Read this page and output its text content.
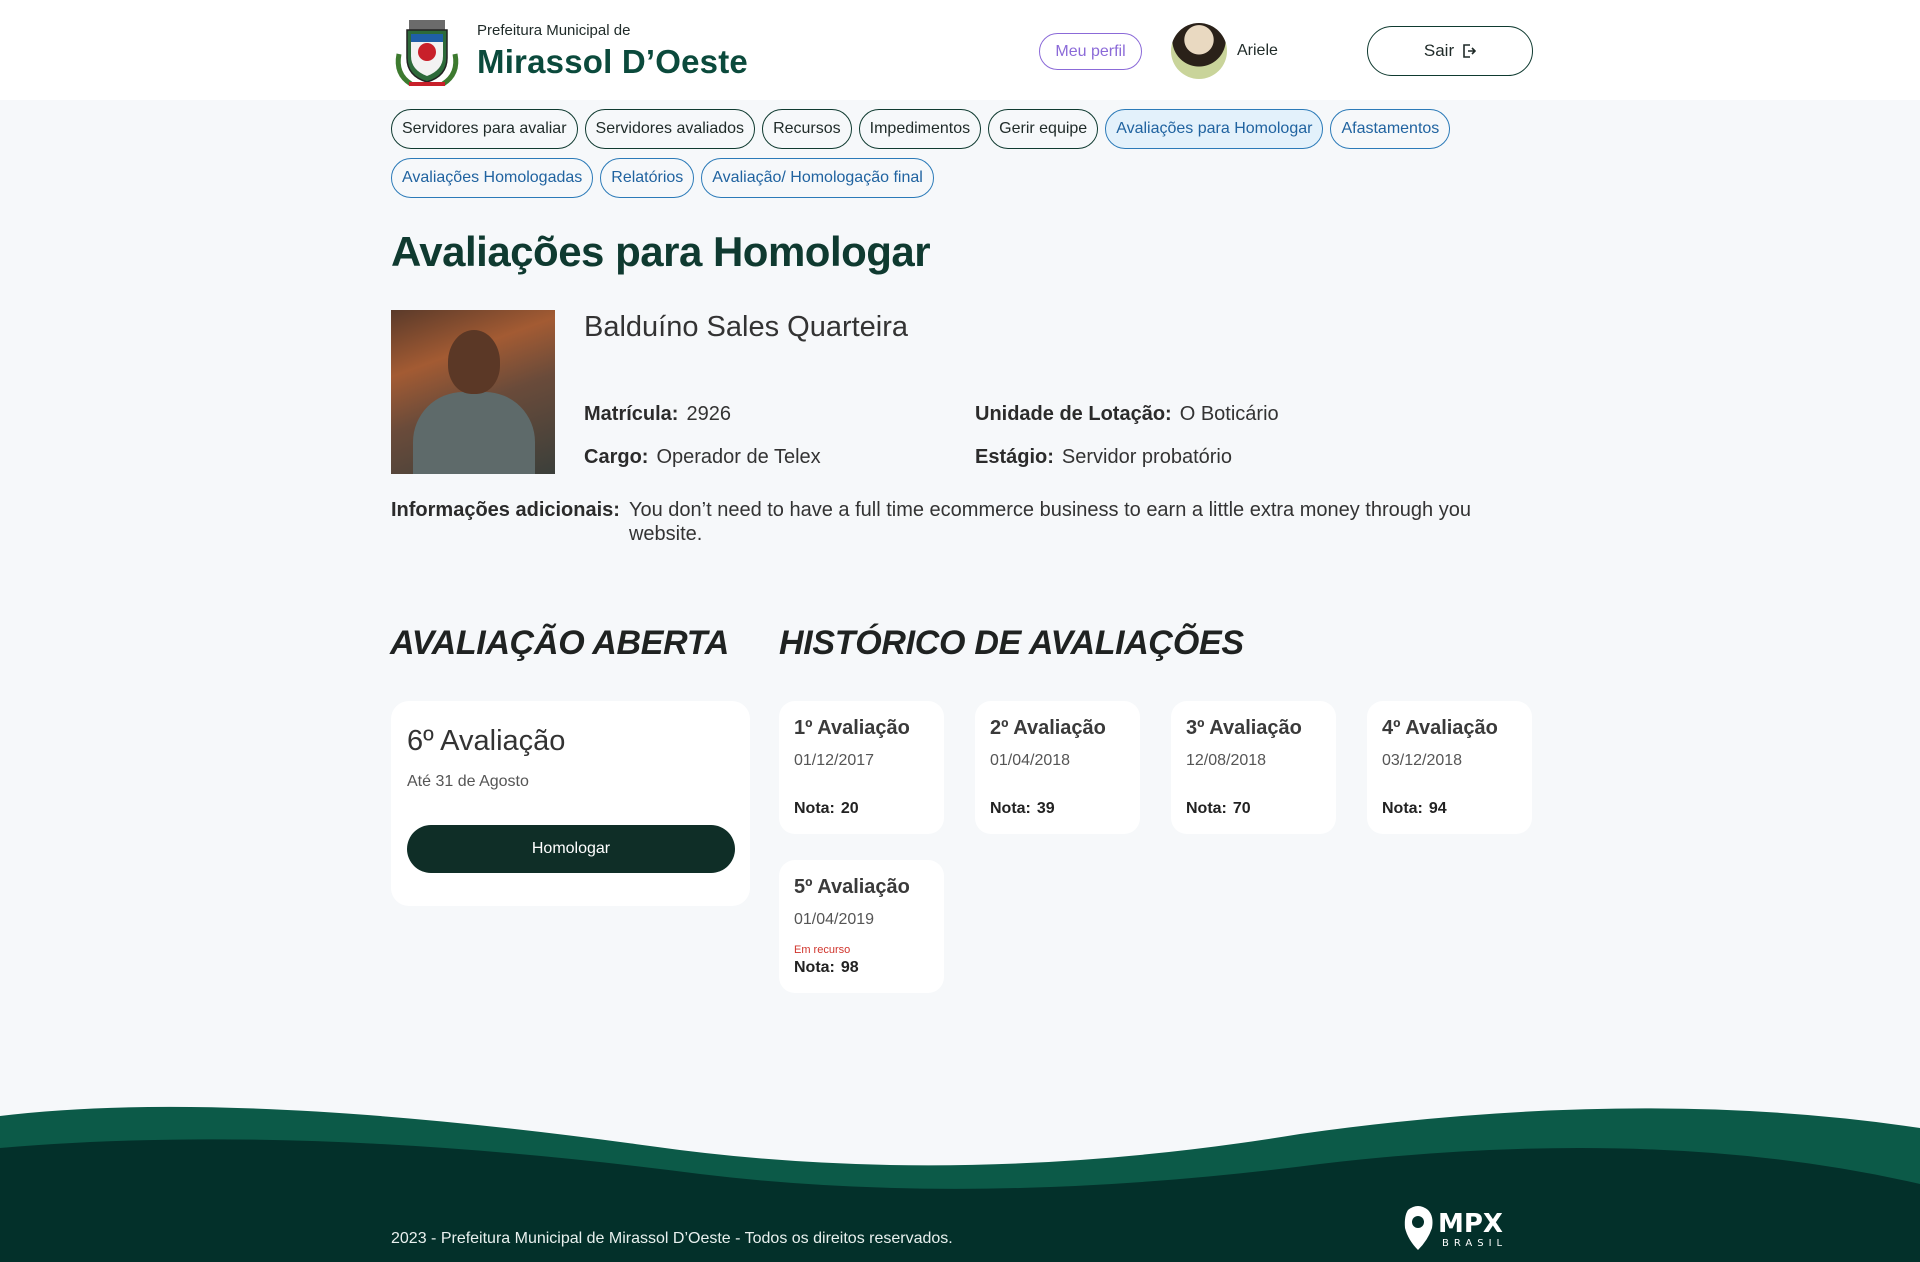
Prefeitura Municipal de
Mirassol D’Oeste	Meu perfil	Ariele	Sair
Servidores para avaliar	Servidores avaliados	Recursos	Impedimentos	Gerir equipe	Avaliações para Homologar	Afastamentos
Avaliações Homologadas	Relatórios	Avaliação/ Homologação final
Avaliações para Homologar
Balduíno Sales Quarteira
Matrícula: 2926	Unidade de Lotação: O Boticário
Cargo: Operador de Telex	Estágio: Servidor probatório
Informações adicionais: You don’t need to have a full time ecommerce business to earn a little extra money through you website.
AVALIAÇÃO ABERTA
6º Avaliação
Até 31 de Agosto
Homologar
HISTÓRICO DE AVALIAÇÕES
1º Avaliação
01/12/2017
Nota: 20
2º Avaliação
01/04/2018
Nota: 39
3º Avaliação
12/08/2018
Nota: 70
4º Avaliação
03/12/2018
Nota: 94
5º Avaliação
01/04/2019
Em recurso
Nota: 98
2023 - Prefeitura Municipal de Mirassol D’Oeste - Todos os direitos reservados.	MPX
BRASIL
